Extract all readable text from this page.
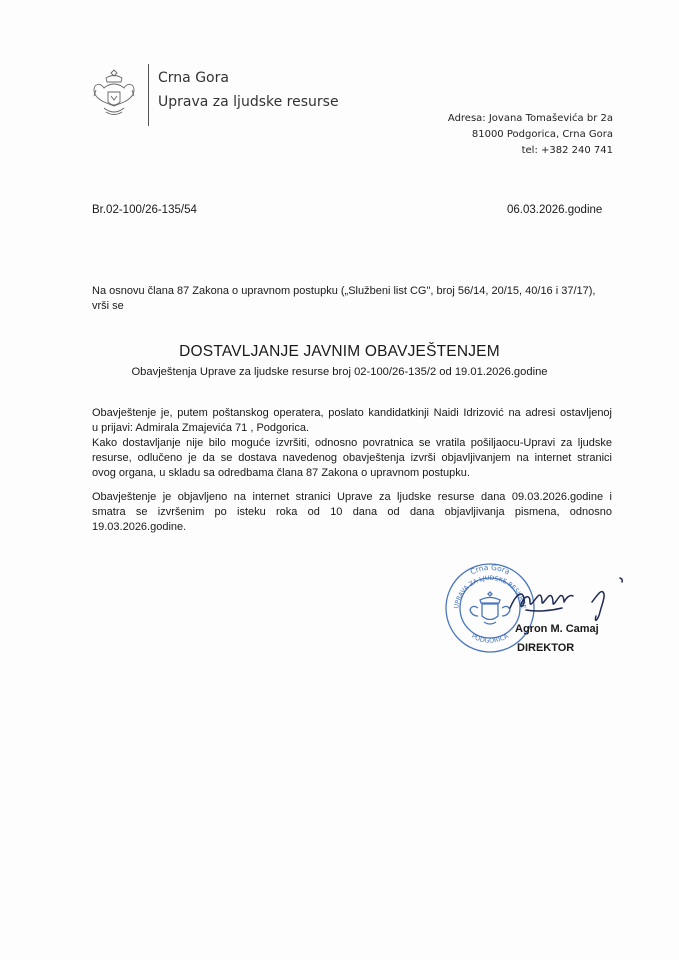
Crna Gora
Uprava za ljudske resurse
Adresa: Jovana Tomaševića br 2a
81000 Podgorica, Crna Gora
tel: +382 240 741
Br.02-100/26-135/54	06.03.2026.godine
Na osnovu člana 87 Zakona o upravnom postupku („Službeni list CG", broj 56/14, 20/15, 40/16 i 37/17),
vrši se
DOSTAVLJANJE JAVNIM OBAVJEŠTENJEM
Obavještenja Uprave za ljudske resurse broj 02-100/26-135/2 od 19.01.2026.godine
Obavještenje je, putem poštanskog operatera, poslato kandidatkinji Naidi Idrizović na adresi ostavljenoj
u prijavi: Admirala Zmajevića 71 , Podgorica.
Kako dostavljanje nije bilo moguće izvršiti, odnosno povratnica se vratila pošiljaocu-Upravi za ljudske
resurse, odlučeno je da se dostava navedenog obavještenja izvrši objavljivanjem na internet stranici
ovog organa, u skladu sa odredbama člana 87 Zakona o upravnom postupku.
Obavještenje je objavljeno na internet stranici Uprave za ljudske resurse dana 09.03.2026.godine i
smatra se izvršenim po isteku roka od 10 dana od dana objavljivanja pismena, odnosno
19.03.2026.godine.
Crna Gora
UPRAVA ZA LJUDSKE RESURSE
PODGORICA
Agron M. Camaj
DIREKTOR
